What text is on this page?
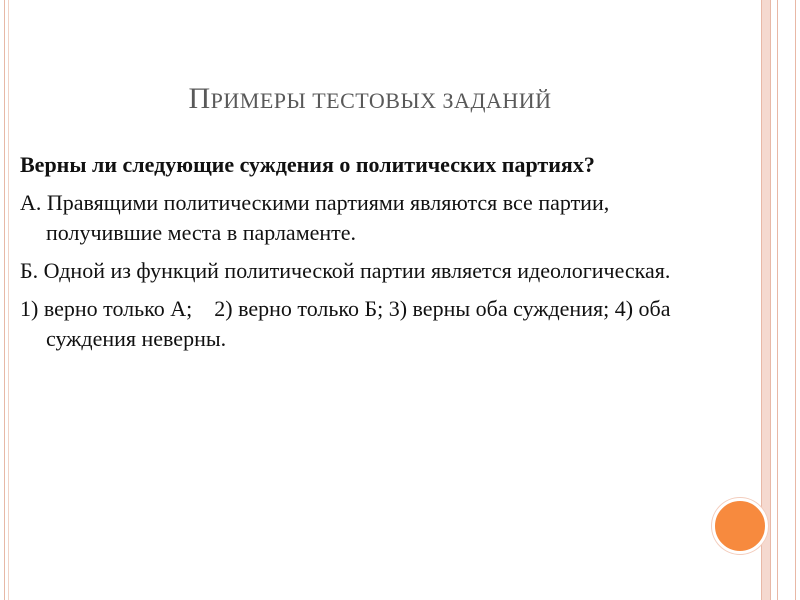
ПРИМЕРЫ ТЕСТОВЫХ ЗАДАНИЙ

Верны ли следующие суждения о политических партиях?

А. Правящими политическими партиями являются все партии, получившие места в парламенте.

Б. Одной из функций политической партии является идеологическая.

1) верно только А;    2) верно только Б; 3) верны оба суждения; 4) оба суждения неверны.
